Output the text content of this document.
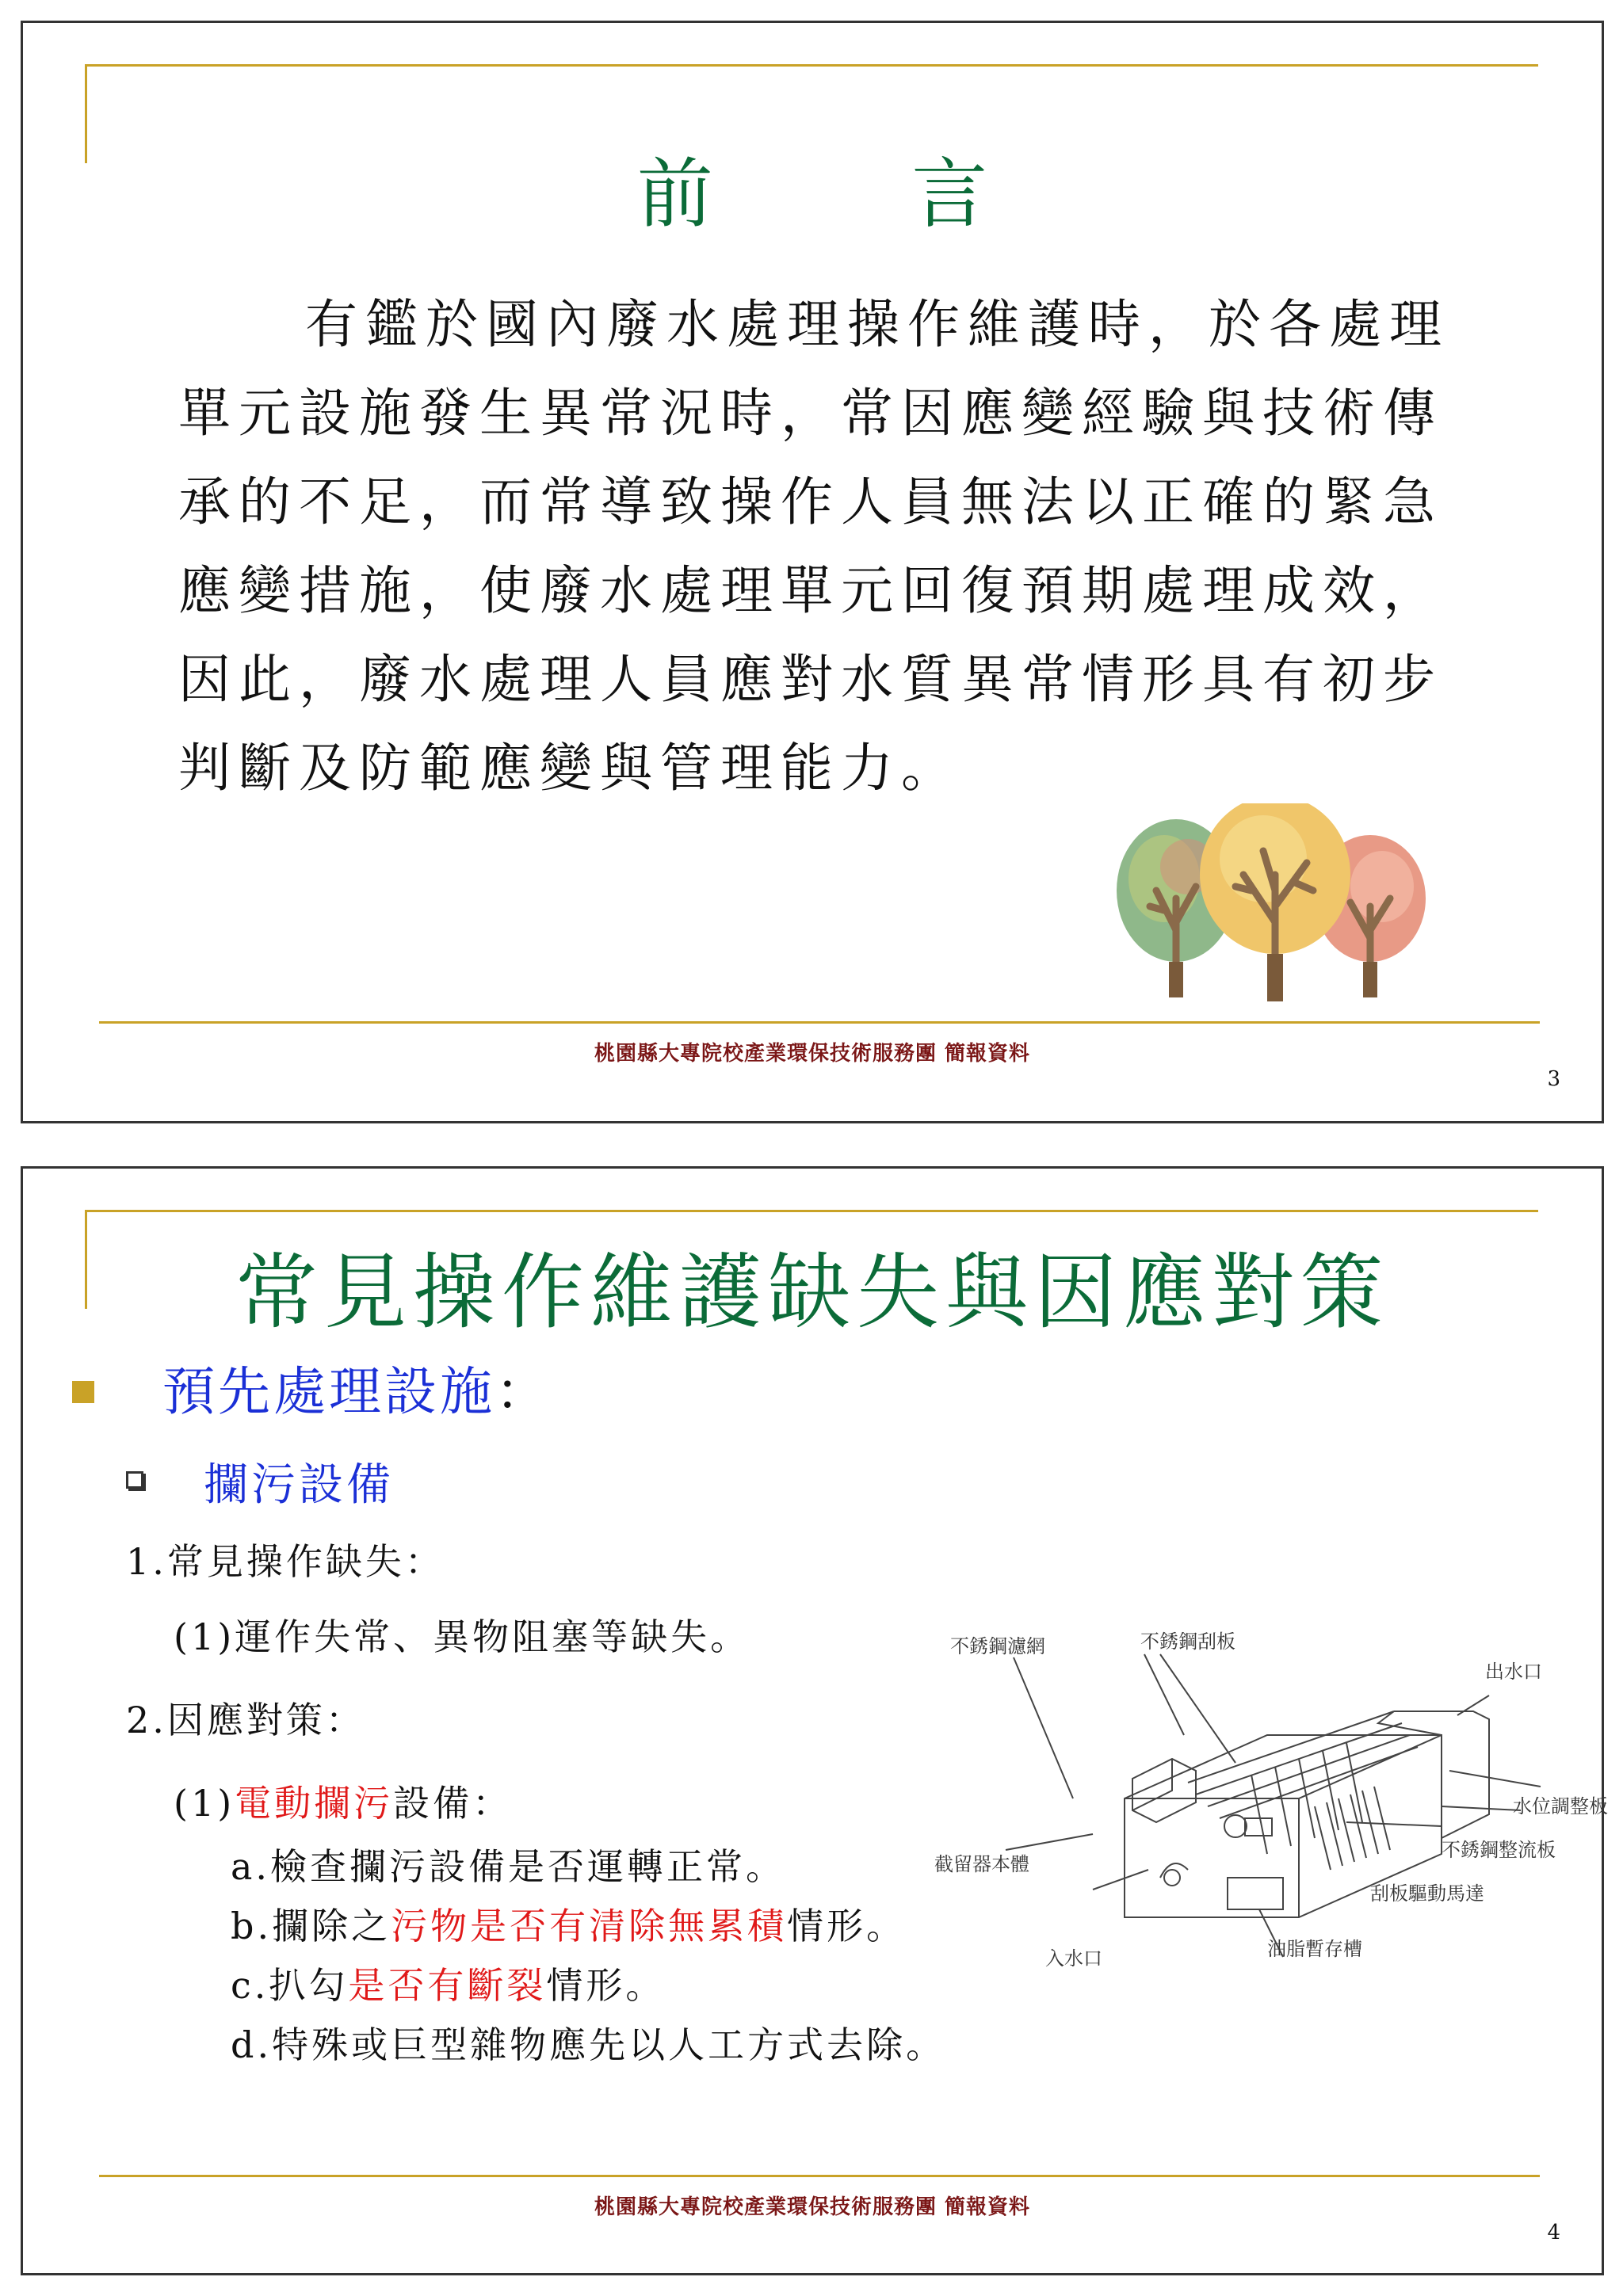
前 言
有鑑於國內廢水處理操作維護時，於各處理
單元設施發生異常況時，常因應變經驗與技術傳
承的不足，而常導致操作人員無法以正確的緊急
應變措施，使廢水處理單元回復預期處理成效，
因此，廢水處理人員應對水質異常情形具有初步
判斷及防範應變與管理能力。
桃園縣大專院校產業環保技術服務團 簡報資料
3
常見操作維護缺失與因應對策
預先處理設施：
攔污設備
1.常見操作缺失：
(1)運作失常、異物阻塞等缺失。
2.因應對策：
(1)電動攔污設備：
a.檢查攔污設備是否運轉正常。
b.攔除之污物是否有清除無累積情形。
c.扒勾是否有斷裂情形。
d.特殊或巨型雜物應先以人工方式去除。
不銹鋼濾網	不銹鋼刮板
出水口
水位調整板
不銹鋼整流板
截留器本體
刮板驅動馬達
入水口	油脂暫存槽
桃園縣大專院校產業環保技術服務團 簡報資料
4
